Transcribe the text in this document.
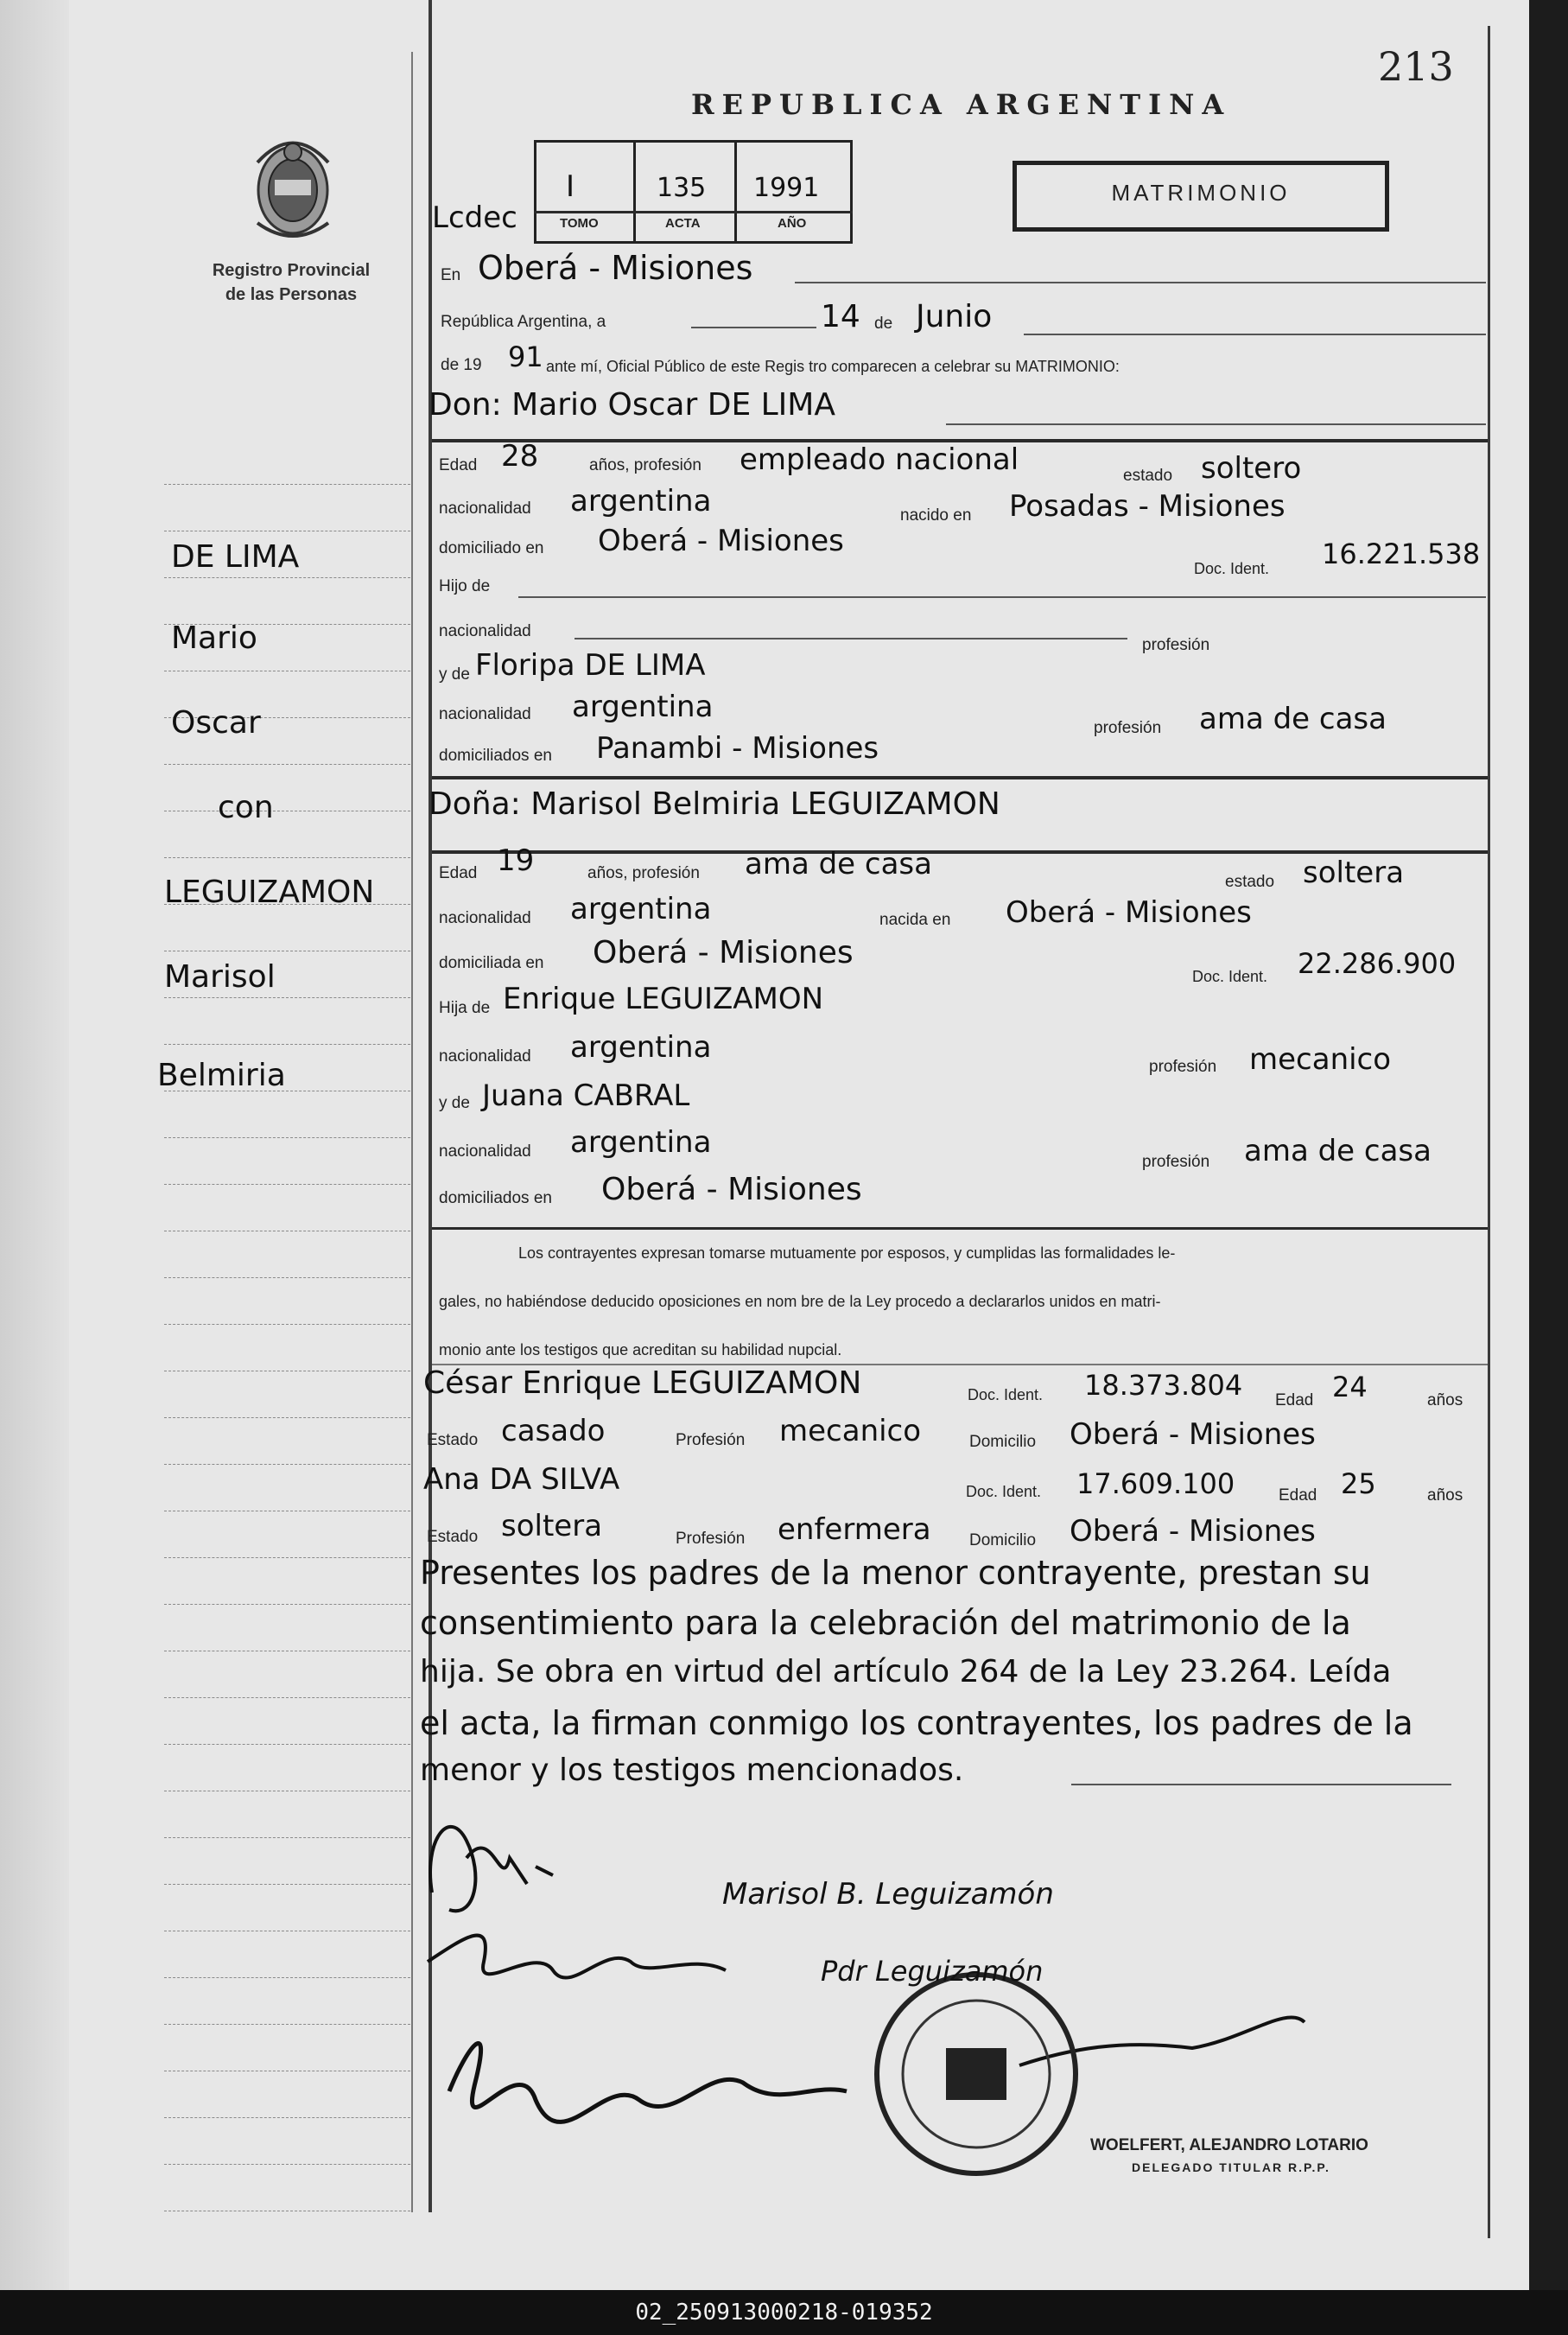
Registro Provincial
de las Personas
213
REPUBLICA ARGENTINA
Lcdec
I	135 1991
TOMO	ACTA	AÑO
MATRIMONIO
DE LIMA
Mario
Oscar
con
LEGUIZAMON
Marisol
Belmiria
En Oberá - Misiones
República Argentina, a	14 de Junio
de 19 91 ante mí, Oficial Público de este Regis tro comparecen a celebrar su MATRIMONIO:
Don: Mario Oscar DE LIMA
Edad 28	años, profesión empleado nacional	estado soltero
nacionalidad argentina	nacido en Posadas - Misiones
domiciliado en Oberá - Misiones
Doc. Ident. 16.221.538
Hijo de
nacionalidad
profesión
y de Floripa DE LIMA
nacionalidad argentina
profesión ama de casa
domiciliados en Panambi - Misiones
Doña: Marisol Belmiria LEGUIZAMON
Edad 19	años, profesión ama de casa
estado soltera
nacionalidad argentina	nacida en Oberá - Misiones
domiciliada en Oberá - Misiones
Doc. Ident. 22.286.900
Hija de Enrique LEGUIZAMON
nacionalidad argentina
profesión mecanico
y de Juana CABRAL
nacionalidad argentina
profesión ama de casa
domiciliados en Oberá - Misiones
Los contrayentes expresan tomarse mutuamente por esposos, y cumplidas las formalidades le-
gales, no habiéndose deducido oposiciones en nom bre de la Ley procedo a declararlos unidos en matri-
monio ante los testigos que acreditan su habilidad nupcial.
César Enrique LEGUIZAMON	Doc. Ident. 18.373.804 Edad 24	años
Estado casado	Profesión mecanico	Domicilio Oberá - Misiones
Ana DA SILVA	Doc. Ident. 17.609.100	Edad 25	años
Estado soltera	Profesión enfermera Domicilio Oberá - Misiones
Presentes los padres de la menor contrayente, prestan su
consentimiento para la celebración del matrimonio de la
hija. Se obra en virtud del artículo 264 de la Ley 23.264. Leída
el acta, la firman conmigo los contrayentes, los padres de la
menor y los testigos mencionados.
Marisol B. Leguizamón
Pdr Leguizamón
WOELFERT, ALEJANDRO LOTARIO
DELEGADO TITULAR R.P.P.
02_250913000218-019352
